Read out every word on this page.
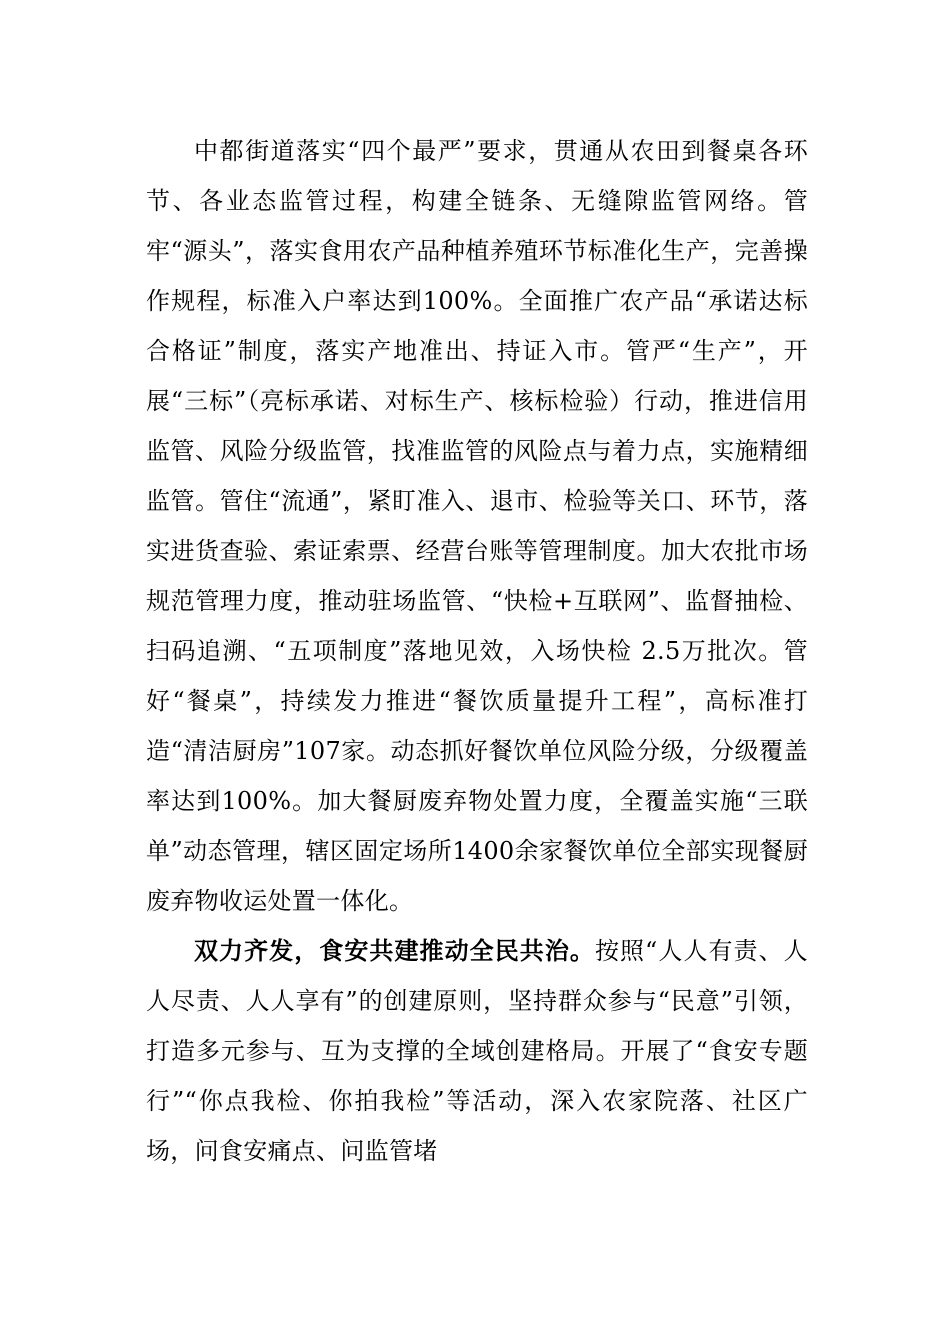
中都街道落实“四个最严”要求，贯通从农田到餐桌各环节、各业态监管过程，构建全链条、无缝隙监管网络。管牢“源头”，落实食用农产品种植养殖环节标准化生产，完善操作规程，标准入户率达到100%。全面推广农产品“承诺达标合格证”制度，落实产地准出、持证入市。管严“生产”，开展“三标”（亮标承诺、对标生产、核标检验）行动，推进信用监管、风险分级监管，找准监管的风险点与着力点，实施精细监管。管住“流通”，紧盯准入、退市、检验等关口、环节，落实进货查验、索证索票、经营台账等管理制度。加大农批市场规范管理力度，推动驻场监管、“快检+互联网”、监督抽检、扫码追溯、“五项制度”落地见效，入场快检 2.5万批次。管好“餐桌”，持续发力推进“餐饮质量提升工程”，高标准打造“清洁厨房”107家。动态抓好餐饮单位风险分级，分级覆盖率达到100%。加大餐厨废弃物处置力度，全覆盖实施“三联单”动态管理，辖区固定场所1400余家餐饮单位全部实现餐厨废弃物收运处置一体化。

双力齐发，食安共建推动全民共治。按照“人人有责、人人尽责、人人享有”的创建原则，坚持群众参与“民意”引领，打造多元参与、互为支撑的全域创建格局。开展了“食安专题行”“你点我检、你拍我检”等活动，深入农家院落、社区广场，问食安痛点、问监管堵
